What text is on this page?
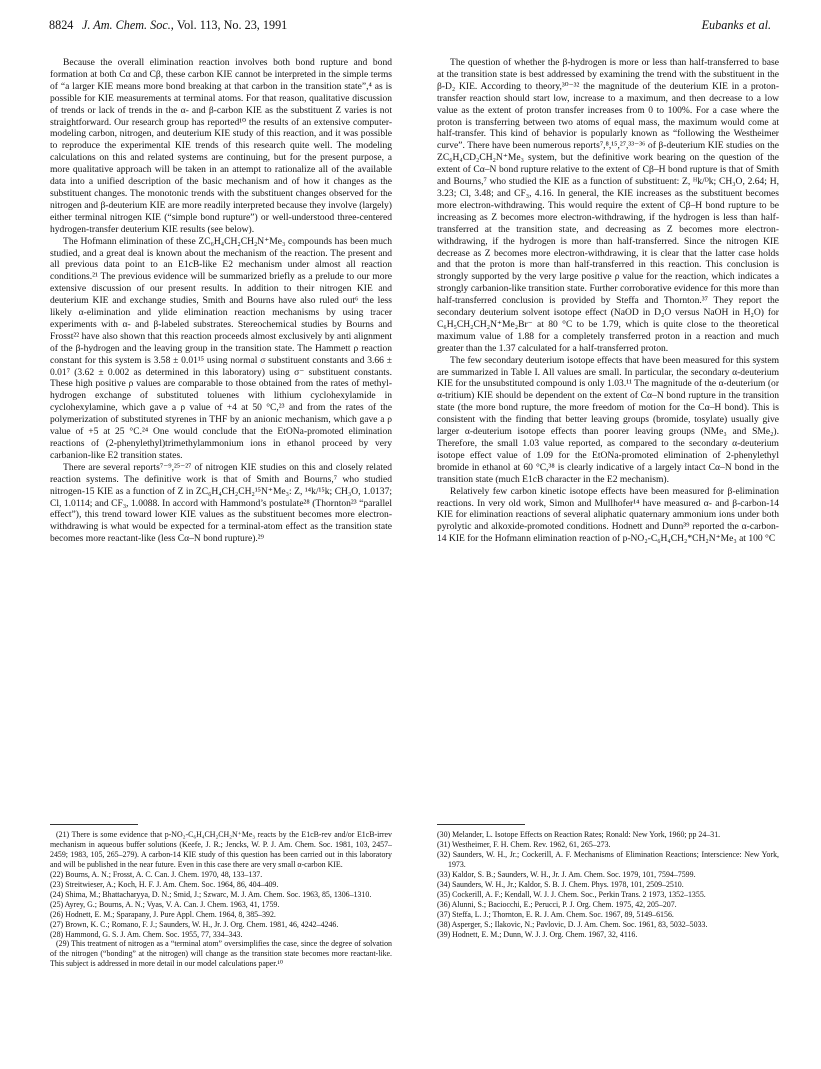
8824 J. Am. Chem. Soc., Vol. 113, No. 23, 1991	Eubanks et al.

Because the overall elimination reaction involves both bond rupture and bond formation at both Cα and Cβ, these carbon KIE cannot be interpreted in the simple terms of “a larger KIE means more bond breaking at that carbon in the transition state”,⁴ as is possible for KIE measurements at terminal atoms. For that reason, qualitative discussion of trends or lack of trends in the α- and β-carbon KIE as the substituent Z varies is not straightforward. Our research group has reported¹⁰ the results of an extensive computer-modeling carbon, nitrogen, and deuterium KIE study of this reaction, and it was possible to reproduce the experimental KIE trends of this research quite well. The modeling calculations on this and related systems are continuing, but for the present purpose, a more qualitative approach will be taken in an attempt to rationalize all of the available data into a unified description of the basic mechanism and of how it changes as the substituent changes. The monotonic trends with the substituent changes observed for the nitrogen and β-deuterium KIE are more readily interpreted because they involve (largely) either terminal nitrogen KIE (“simple bond rupture”) or well-understood three-centered hydrogen-transfer deuterium KIE results (see below).

The Hofmann elimination of these ZC₆H₄CH₂CH₂N⁺Me₃ compounds has been much studied, and a great deal is known about the mechanism of the reaction. The present and all previous data point to an E1cB-like E2 mechanism under almost all reaction conditions.²¹ The previous evidence will be summarized briefly as a prelude to our more extensive discussion of our present results. In addition to their nitrogen KIE and deuterium KIE and exchange studies, Smith and Bourns have also ruled out⁶ the less likely α-elimination and ylide elimination reaction mechanisms by using tracer experiments with α- and β-labeled substrates. Stereochemical studies by Bourns and Frosst²² have also shown that this reaction proceeds almost exclusively by anti alignment of the β-hydrogen and the leaving group in the transition state. The Hammett ρ reaction constant for this system is 3.58 ± 0.01¹⁵ using normal σ substituent constants and 3.66 ± 0.01⁷ (3.62 ± 0.002 as determined in this laboratory) using σ⁻ substituent constants. These high positive ρ values are comparable to those obtained from the rates of methyl-hydrogen exchange of substituted toluenes with lithium cyclohexylamide in cyclohexylamine, which gave a ρ value of +4 at 50 °C,²³ and from the rates of the polymerization of substituted styrenes in THF by an anionic mechanism, which gave a ρ value of +5 at 25 °C.²⁴ One would conclude that the EtONa-promoted elimination reactions of (2-phenylethyl)trimethylammonium ions in ethanol proceed by very carbanion-like E2 transition states.

There are several reports⁷⁻⁹,²⁵⁻²⁷ of nitrogen KIE studies on this and closely related reaction systems. The definitive work is that of Smith and Bourns,⁷ who studied nitrogen-15 KIE as a function of Z in ZC₆H₄CH₂CH₂¹⁵N⁺Me₃: Z, ¹⁴k/¹⁵k; CH₃O, 1.0137; Cl, 1.0114; and CF₃, 1.0088. In accord with Hammond’s postulate²⁸ (Thornton²³ “parallel effect”), this trend toward lower KIE values as the substituent becomes more electron-withdrawing is what would be expected for a terminal-atom effect as the transition state becomes more reactant-like (less Cα–N bond rupture).²⁹

The question of whether the β-hydrogen is more or less than half-transferred to base at the transition state is best addressed by examining the trend with the substituent in the β-D₂ KIE. According to theory,³⁰⁻³² the magnitude of the deuterium KIE in a proton-transfer reaction should start low, increase to a maximum, and then decrease to a low value as the extent of proton transfer increases from 0 to 100%. For a case where the proton is transferring between two atoms of equal mass, the maximum would come at half-transfer. This kind of behavior is popularly known as “following the Westheimer curve”. There have been numerous reports⁷,⁸,¹⁵,²⁷,³³⁻³⁶ of β-deuterium KIE studies on the ZC₆H₄CD₂CH₂N⁺Me₃ system, but the definitive work bearing on the question of the extent of Cα–N bond rupture relative to the extent of Cβ–H bond rupture is that of Smith and Bourns,⁷ who studied the KIE as a function of substituent: Z, ᴴk/ᴰk; CH₃O, 2.64; H, 3.23; Cl, 3.48; and CF₃, 4.16. In general, the KIE increases as the substituent becomes more electron-withdrawing. This would require the extent of Cβ–H bond rupture to be increasing as Z becomes more electron-withdrawing, if the hydrogen is less than half-transferred at the transition state, and decreasing as Z becomes more electron-withdrawing, if the hydrogen is more than half-transferred. Since the nitrogen KIE decrease as Z becomes more electron-withdrawing, it is clear that the latter case holds and that the proton is more than half-transferred in this reaction. This conclusion is strongly supported by the very large positive ρ value for the reaction, which indicates a strongly carbanion-like transition state. Further corroborative evidence for this more than half-transferred conclusion is provided by Steffa and Thornton.³⁷ They report the secondary deuterium solvent isotope effect (NaOD in D₂O versus NaOH in H₂O) for C₆H₅CH₂CH₂N⁺Me₂Br⁻ at 80 °C to be 1.79, which is quite close to the theoretical maximum value of 1.88 for a completely transferred proton in a reaction and much greater than the 1.37 calculated for a half-transferred proton.

The few secondary deuterium isotope effects that have been measured for this system are summarized in Table I. All values are small. In particular, the secondary α-deuterium KIE for the unsubstituted compound is only 1.03.¹¹ The magnitude of the α-deuterium (or α-tritium) KIE should be dependent on the extent of Cα–N bond rupture in the transition state (the more bond rupture, the more freedom of motion for the Cα–H bond). This is consistent with the finding that better leaving groups (bromide, tosylate) usually give larger α-deuterium isotope effects than poorer leaving groups (NMe₃ and SMe₂). Therefore, the small 1.03 value reported, as compared to the secondary α-deuterium isotope effect value of 1.09 for the EtONa-promoted elimination of 2-phenylethyl bromide in ethanol at 60 °C,³⁸ is clearly indicative of a largely intact Cα–N bond in the transition state (much E1cB character in the E2 mechanism).

Relatively few carbon kinetic isotope effects have been measured for β-elimination reactions. In very old work, Simon and Mullhofer¹⁴ have measured α- and β-carbon-14 KIE for elimination reactions of several aliphatic quaternary ammonium ions under both pyrolytic and alkoxide-promoted conditions. Hodnett and Dunn³⁹ reported the α-carbon-14 KIE for the Hofmann elimination reaction of p-NO₂-C₆H₄CH₂*CH₂N⁺Me₃ at 100 °C

(21) There is some evidence that p-NO₂-C₆H₄CH₂CH₂N⁺Me₃ reacts by the E1cB-rev and/or E1cB-irrev mechanism in aqueous buffer solutions (Keefe, J. R.; Jencks, W. P. J. Am. Chem. Soc. 1981, 103, 2457–2459; 1983, 105, 265–279). A carbon-14 KIE study of this question has been carried out in this laboratory and will be published in the near future. Even in this case there are very small α-carbon KIE.

(22) Bourns, A. N.; Frosst, A. C. Can. J. Chem. 1970, 48, 133–137.

(23) Streitwieser, A.; Koch, H. F. J. Am. Chem. Soc. 1964, 86, 404–409.

(24) Shima, M.; Bhattacharyya, D. N.; Smid, J.; Szwarc, M. J. Am. Chem. Soc. 1963, 85, 1306–1310.

(25) Ayrey, G.; Bourns, A. N.; Vyas, V. A. Can. J. Chem. 1963, 41, 1759.

(26) Hodnett, E. M.; Sparapany, J. Pure Appl. Chem. 1964, 8, 385–392.

(27) Brown, K. C.; Romano, F. J.; Saunders, W. H., Jr. J. Org. Chem. 1981, 46, 4242–4246.

(28) Hammond, G. S. J. Am. Chem. Soc. 1955, 77, 334–343.

(29) This treatment of nitrogen as a “terminal atom” oversimplifies the case, since the degree of solvation of the nitrogen (“bonding” at the nitrogen) will change as the transition state becomes more reactant-like. This subject is addressed in more detail in our model calculations paper.¹⁰

(30) Melander, L. Isotope Effects on Reaction Rates; Ronald: New York, 1960; pp 24–31.

(31) Westheimer, F. H. Chem. Rev. 1962, 61, 265–273.

(32) Saunders, W. H., Jr.; Cockerill, A. F. Mechanisms of Elimination Reactions; Interscience: New York, 1973.

(33) Kaldor, S. B.; Saunders, W. H., Jr. J. Am. Chem. Soc. 1979, 101, 7594–7599.

(34) Saunders, W. H., Jr.; Kaldor, S. B. J. Chem. Phys. 1978, 101, 2509–2510.

(35) Cockerill, A. F.; Kendall, W. J. J. Chem. Soc., Perkin Trans. 2 1973, 1352–1355.

(36) Alunni, S.; Baciocchi, E.; Perucci, P. J. Org. Chem. 1975, 42, 205–207.

(37) Steffa, L. J.; Thornton, E. R. J. Am. Chem. Soc. 1967, 89, 5149–6156.

(38) Asperger, S.; Ilakovic, N.; Pavlovic, D. J. Am. Chem. Soc. 1961, 83, 5032–5033.

(39) Hodnett, E. M.; Dunn, W. J. J. Org. Chem. 1967, 32, 4116.
